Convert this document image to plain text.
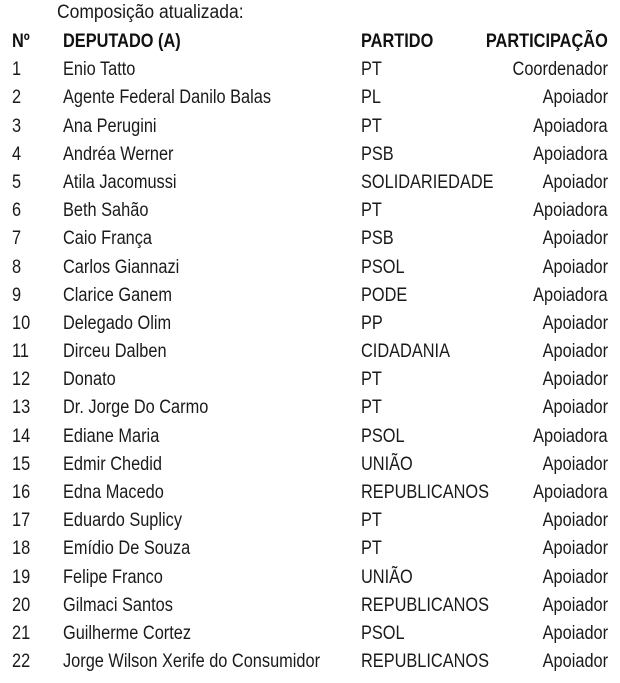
Composição atualizada:
Nº DEPUTADO (A)	PARTIDO	PARTICIPAÇÃO
1 Enio Tatto	PT	Coordenador
2 Agente Federal Danilo Balas	PL	Apoiador
3 Ana Perugini	PT	Apoiadora
4 Andréa Werner	PSB	Apoiadora
5 Atila Jacomussi	SOLIDARIEDADE	Apoiador
6 Beth Sahão	PT	Apoiadora
7 Caio França	PSB	Apoiador
8 Carlos Giannazi	PSOL	Apoiador
9 Clarice Ganem	PODE	Apoiadora
10 Delegado Olim	PP	Apoiador
11 Dirceu Dalben	CIDADANIA	Apoiador
12 Donato	PT	Apoiador
13 Dr. Jorge Do Carmo	PT	Apoiador
14 Ediane Maria	PSOL	Apoiadora
15 Edmir Chedid	UNIÃO	Apoiador
16 Edna Macedo	REPUBLICANOS Apoiadora
17 Eduardo Suplicy	PT	Apoiador
18 Emídio De Souza	PT	Apoiador
19 Felipe Franco	UNIÃO	Apoiador
20 Gilmaci Santos	REPUBLICANOS	Apoiador
21 Guilherme Cortez	PSOL	Apoiador
22 Jorge Wilson Xerife do Consumidor REPUBLICANOS	Apoiador
